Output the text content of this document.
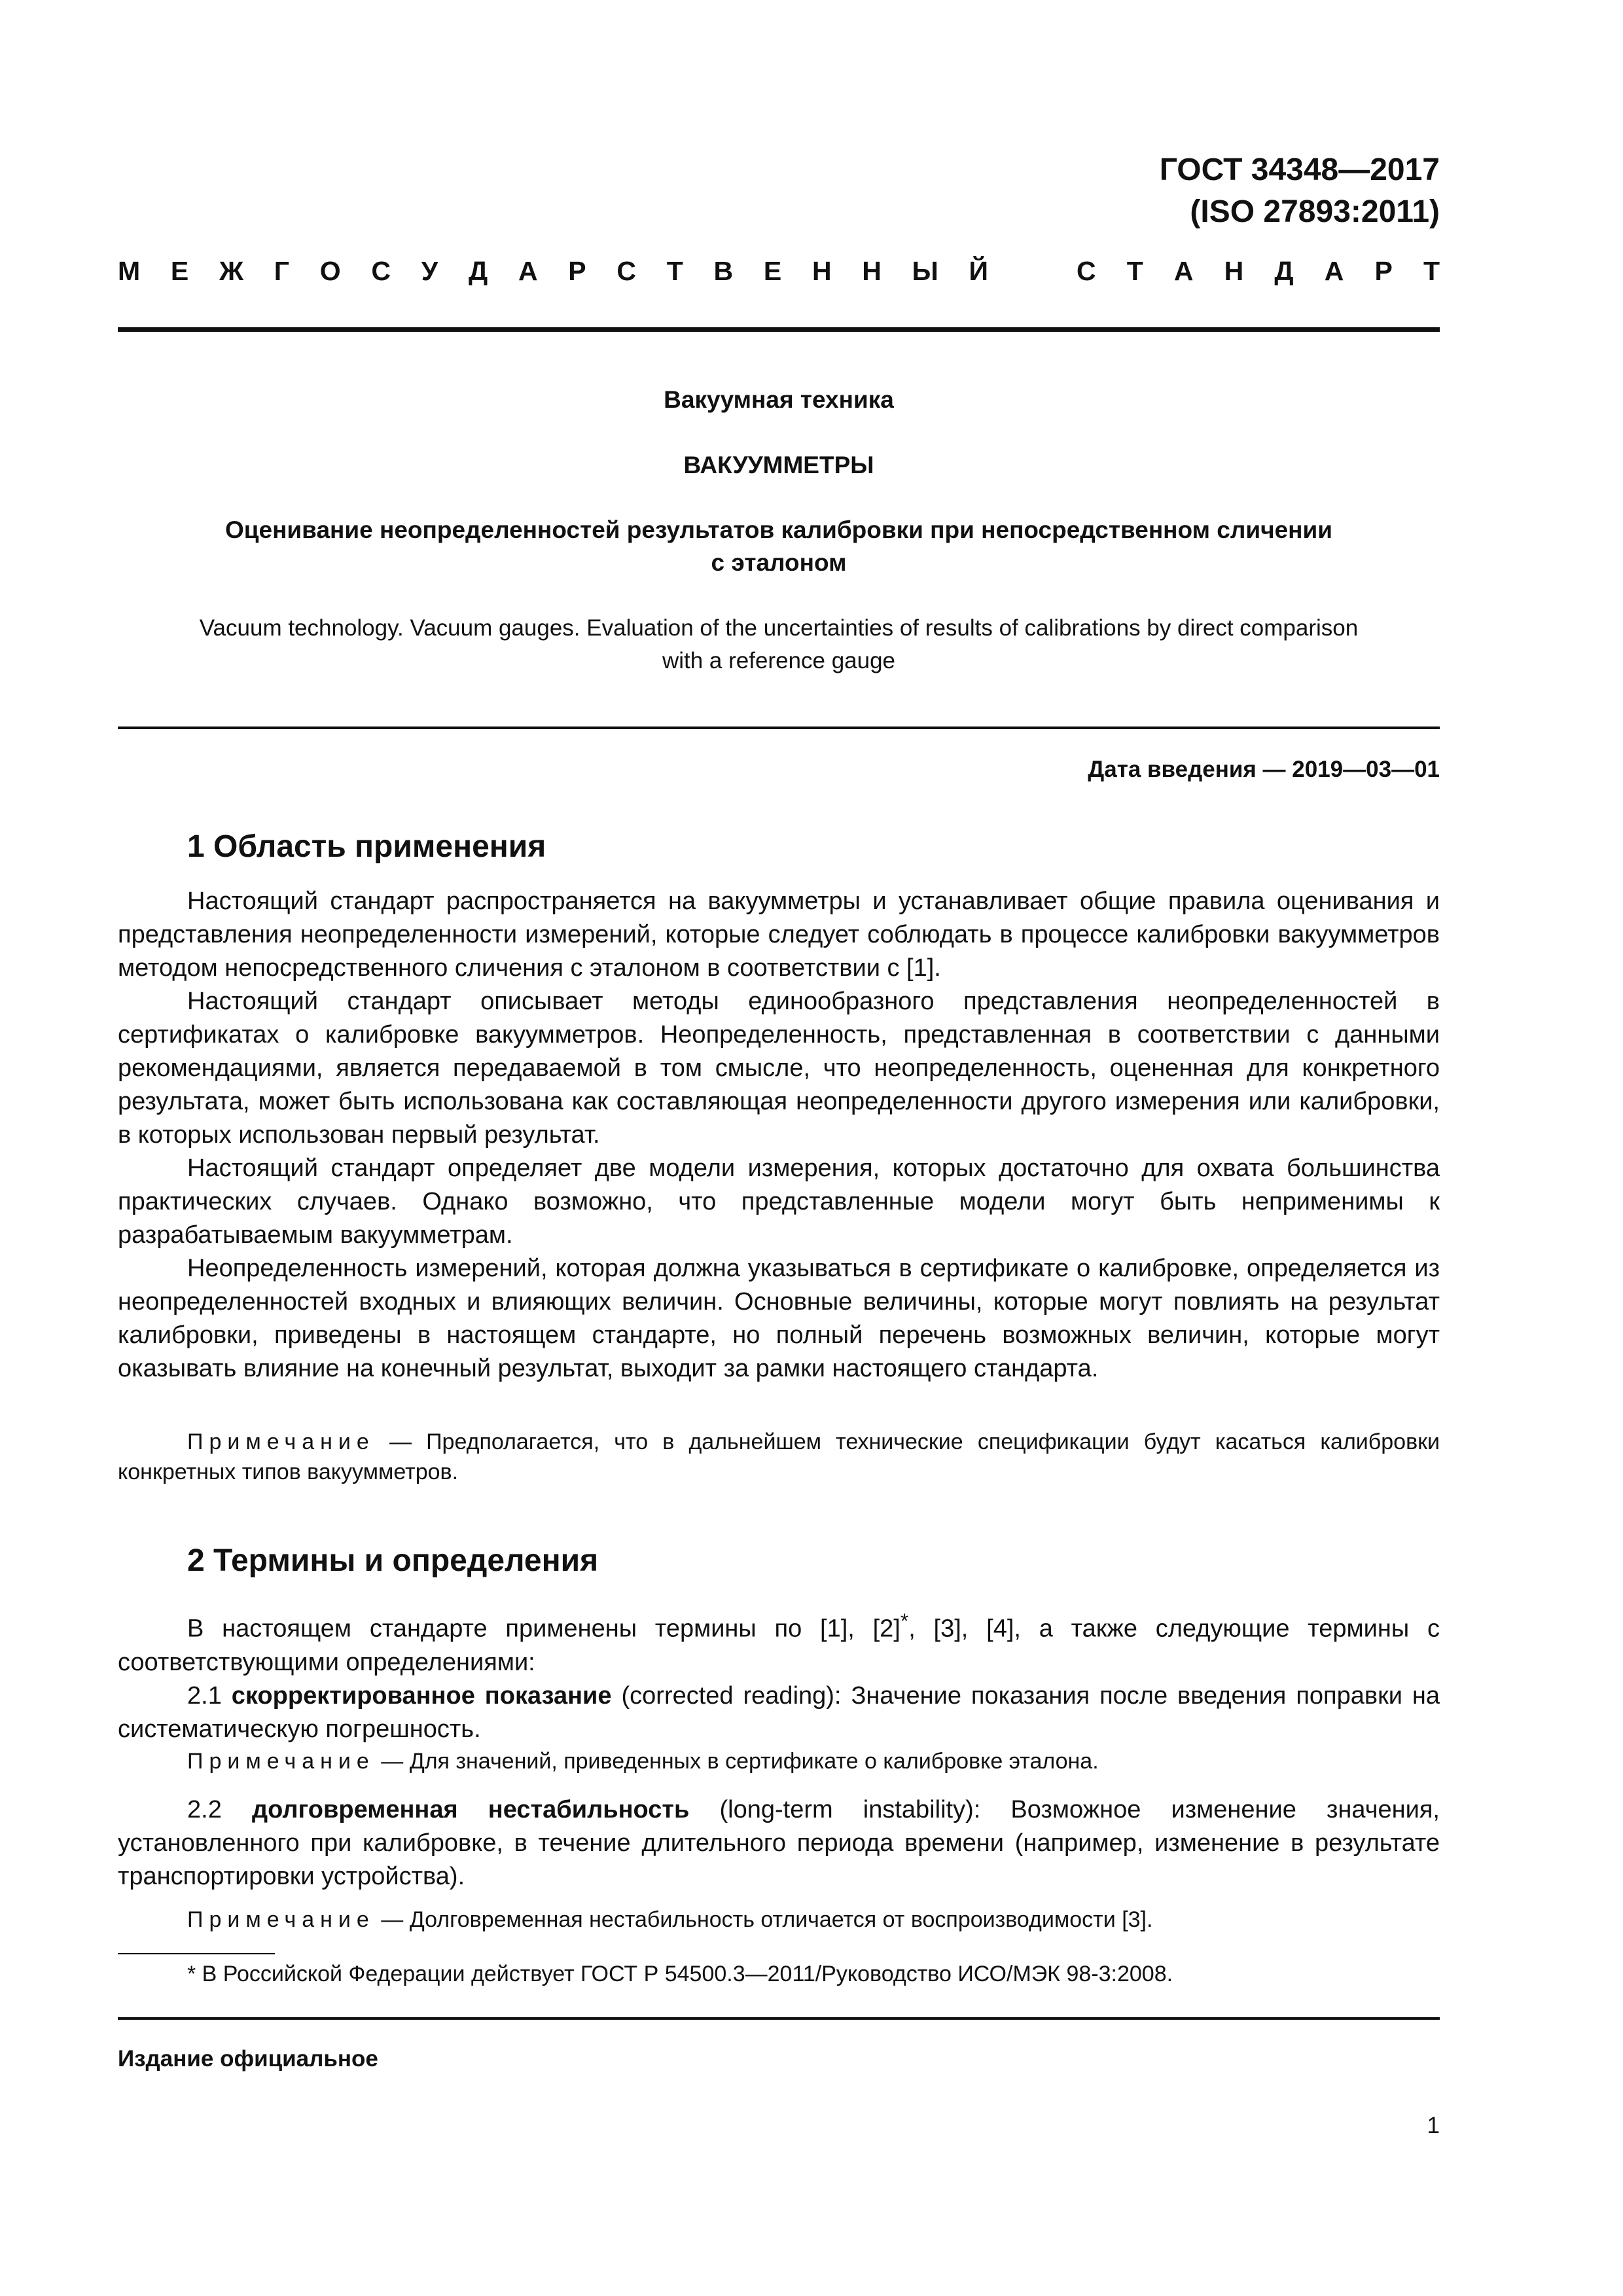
ГОСТ 34348—2017
(ISO 27893:2011)
М Е Ж Г О С У Д А Р С Т В Е Н Н Ы Й	С Т А Н Д А Р Т
Вакуумная техника
ВАКУУММЕТРЫ
Оценивание неопределенностей результатов калибровки при непосредственном сличении
с эталоном
Vacuum technology. Vacuum gauges. Evaluation of the uncertainties of results of calibrations by direct comparison
with a reference gauge
Дата введения — 2019—03—01
1 Область применения

Настоящий стандарт распространяется на вакуумметры и устанавливает общие правила оценивания и представления неопределенности измерений, которые следует соблюдать в процессе калибровки вакуумметров методом непосредственного сличения с эталоном в соответствии с [1].

Настоящий стандарт описывает методы единообразного представления неопределенностей в сертификатах о калибровке вакуумметров. Неопределенность, представленная в соответствии с данными рекомендациями, является передаваемой в том смысле, что неопределенность, оцененная для конкретного результата, может быть использована как составляющая неопределенности другого измерения или калибровки, в которых использован первый результат.

Настоящий стандарт определяет две модели измерения, которых достаточно для охвата большинства практических случаев. Однако возможно, что представленные модели могут быть неприменимы к разрабатываемым вакуумметрам.

Неопределенность измерений, которая должна указываться в сертификате о калибровке, определяется из неопределенностей входных и влияющих величин. Основные величины, которые могут повлиять на результат калибровки, приведены в настоящем стандарте, но полный перечень возможных величин, которые могут оказывать влияние на конечный результат, выходит за рамки настоящего стандарта.

Примечание — Предполагается, что в дальнейшем технические спецификации будут касаться калибровки конкретных типов вакуумметров.

2 Термины и определения

В настоящем стандарте применены термины по [1], [2]*, [3], [4], а также следующие термины с соответствующими определениями:

2.1 скорректированное показание (corrected reading): Значение показания после введения поправки на систематическую погрешность.

Примечание — Для значений, приведенных в сертификате о калибровке эталона.

2.2 долговременная нестабильность (long-term instability): Возможное изменение значения, установленного при калибровке, в течение длительного периода времени (например, изменение в результате транспортировки устройства).

Примечание — Долговременная нестабильность отличается от воспроизводимости [3].

* В Российской Федерации действует ГОСТ Р 54500.3—2011/Руководство ИСО/МЭК 98-3:2008.
Издание официальное
1
